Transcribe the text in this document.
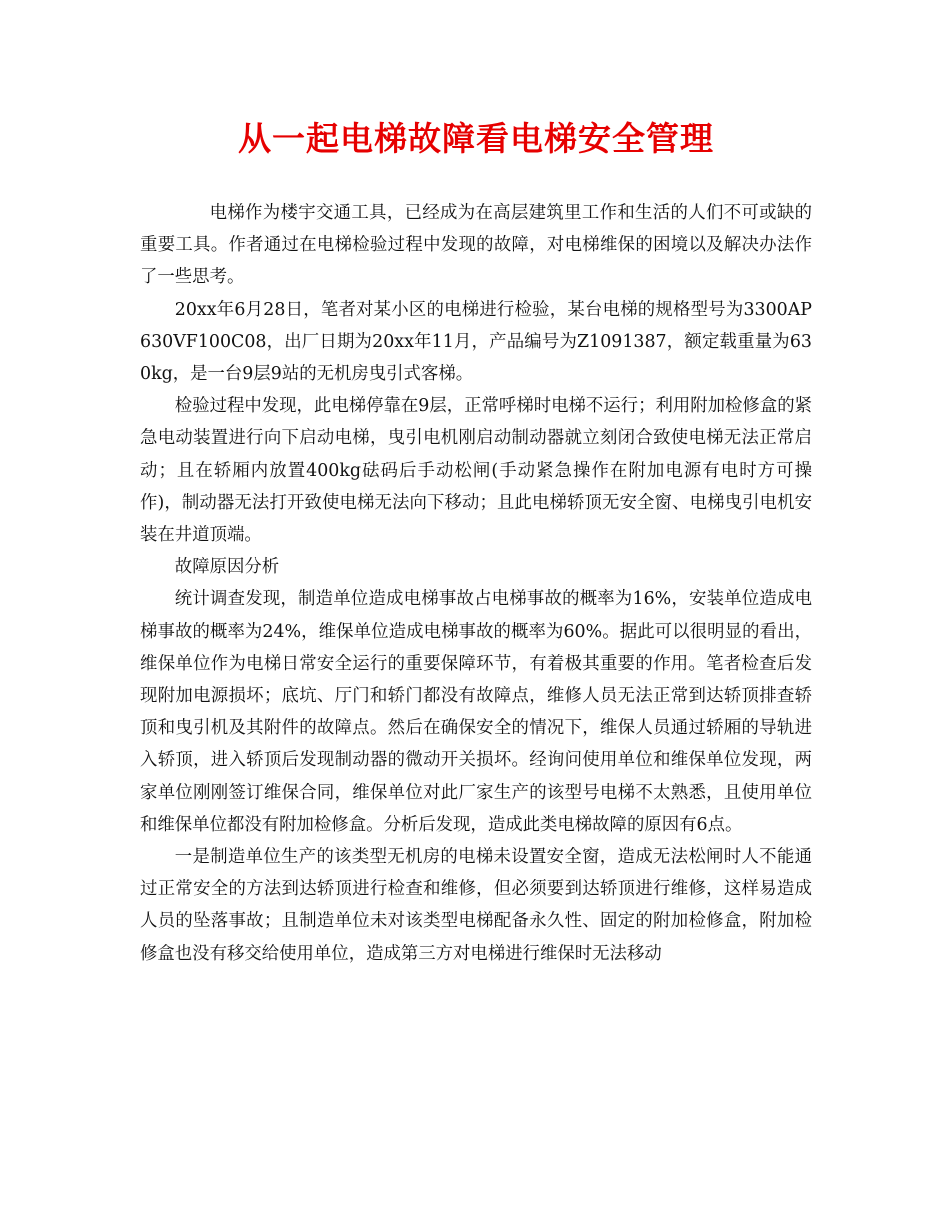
从一起电梯故障看电梯安全管理

电梯作为楼宇交通工具，已经成为在高层建筑里工作和生活的人们不可或缺的重要工具。作者通过在电梯检验过程中发现的故障，对电梯维保的困境以及解决办法作了一些思考。

20xx年6月28日，笔者对某小区的电梯进行检验，某台电梯的规格型号为3300AP630VF100C08，出厂日期为20xx年11月，产品编号为Z1091387，额定载重量为630kg，是一台9层9站的无机房曳引式客梯。

检验过程中发现，此电梯停靠在9层，正常呼梯时电梯不运行；利用附加检修盒的紧急电动装置进行向下启动电梯，曳引电机刚启动制动器就立刻闭合致使电梯无法正常启动；且在轿厢内放置400kg砝码后手动松闸(手动紧急操作在附加电源有电时方可操作)，制动器无法打开致使电梯无法向下移动；且此电梯轿顶无安全窗、电梯曳引电机安装在井道顶端。

故障原因分析

统计调查发现，制造单位造成电梯事故占电梯事故的概率为16%，安装单位造成电梯事故的概率为24%，维保单位造成电梯事故的概率为60%。据此可以很明显的看出，维保单位作为电梯日常安全运行的重要保障环节，有着极其重要的作用。笔者检查后发现附加电源损坏；底坑、厅门和轿门都没有故障点，维修人员无法正常到达轿顶排查轿顶和曳引机及其附件的故障点。然后在确保安全的情况下，维保人员通过轿厢的导轨进入轿顶，进入轿顶后发现制动器的微动开关损坏。经询问使用单位和维保单位发现，两家单位刚刚签订维保合同，维保单位对此厂家生产的该型号电梯不太熟悉，且使用单位和维保单位都没有附加检修盒。分析后发现，造成此类电梯故障的原因有6点。

一是制造单位生产的该类型无机房的电梯未设置安全窗，造成无法松闸时人不能通过正常安全的方法到达轿顶进行检查和维修，但必须要到达轿顶进行维修，这样易造成人员的坠落事故；且制造单位未对该类型电梯配备永久性、固定的附加检修盒，附加检修盒也没有移交给使用单位，造成第三方对电梯进行维保时无法移动
